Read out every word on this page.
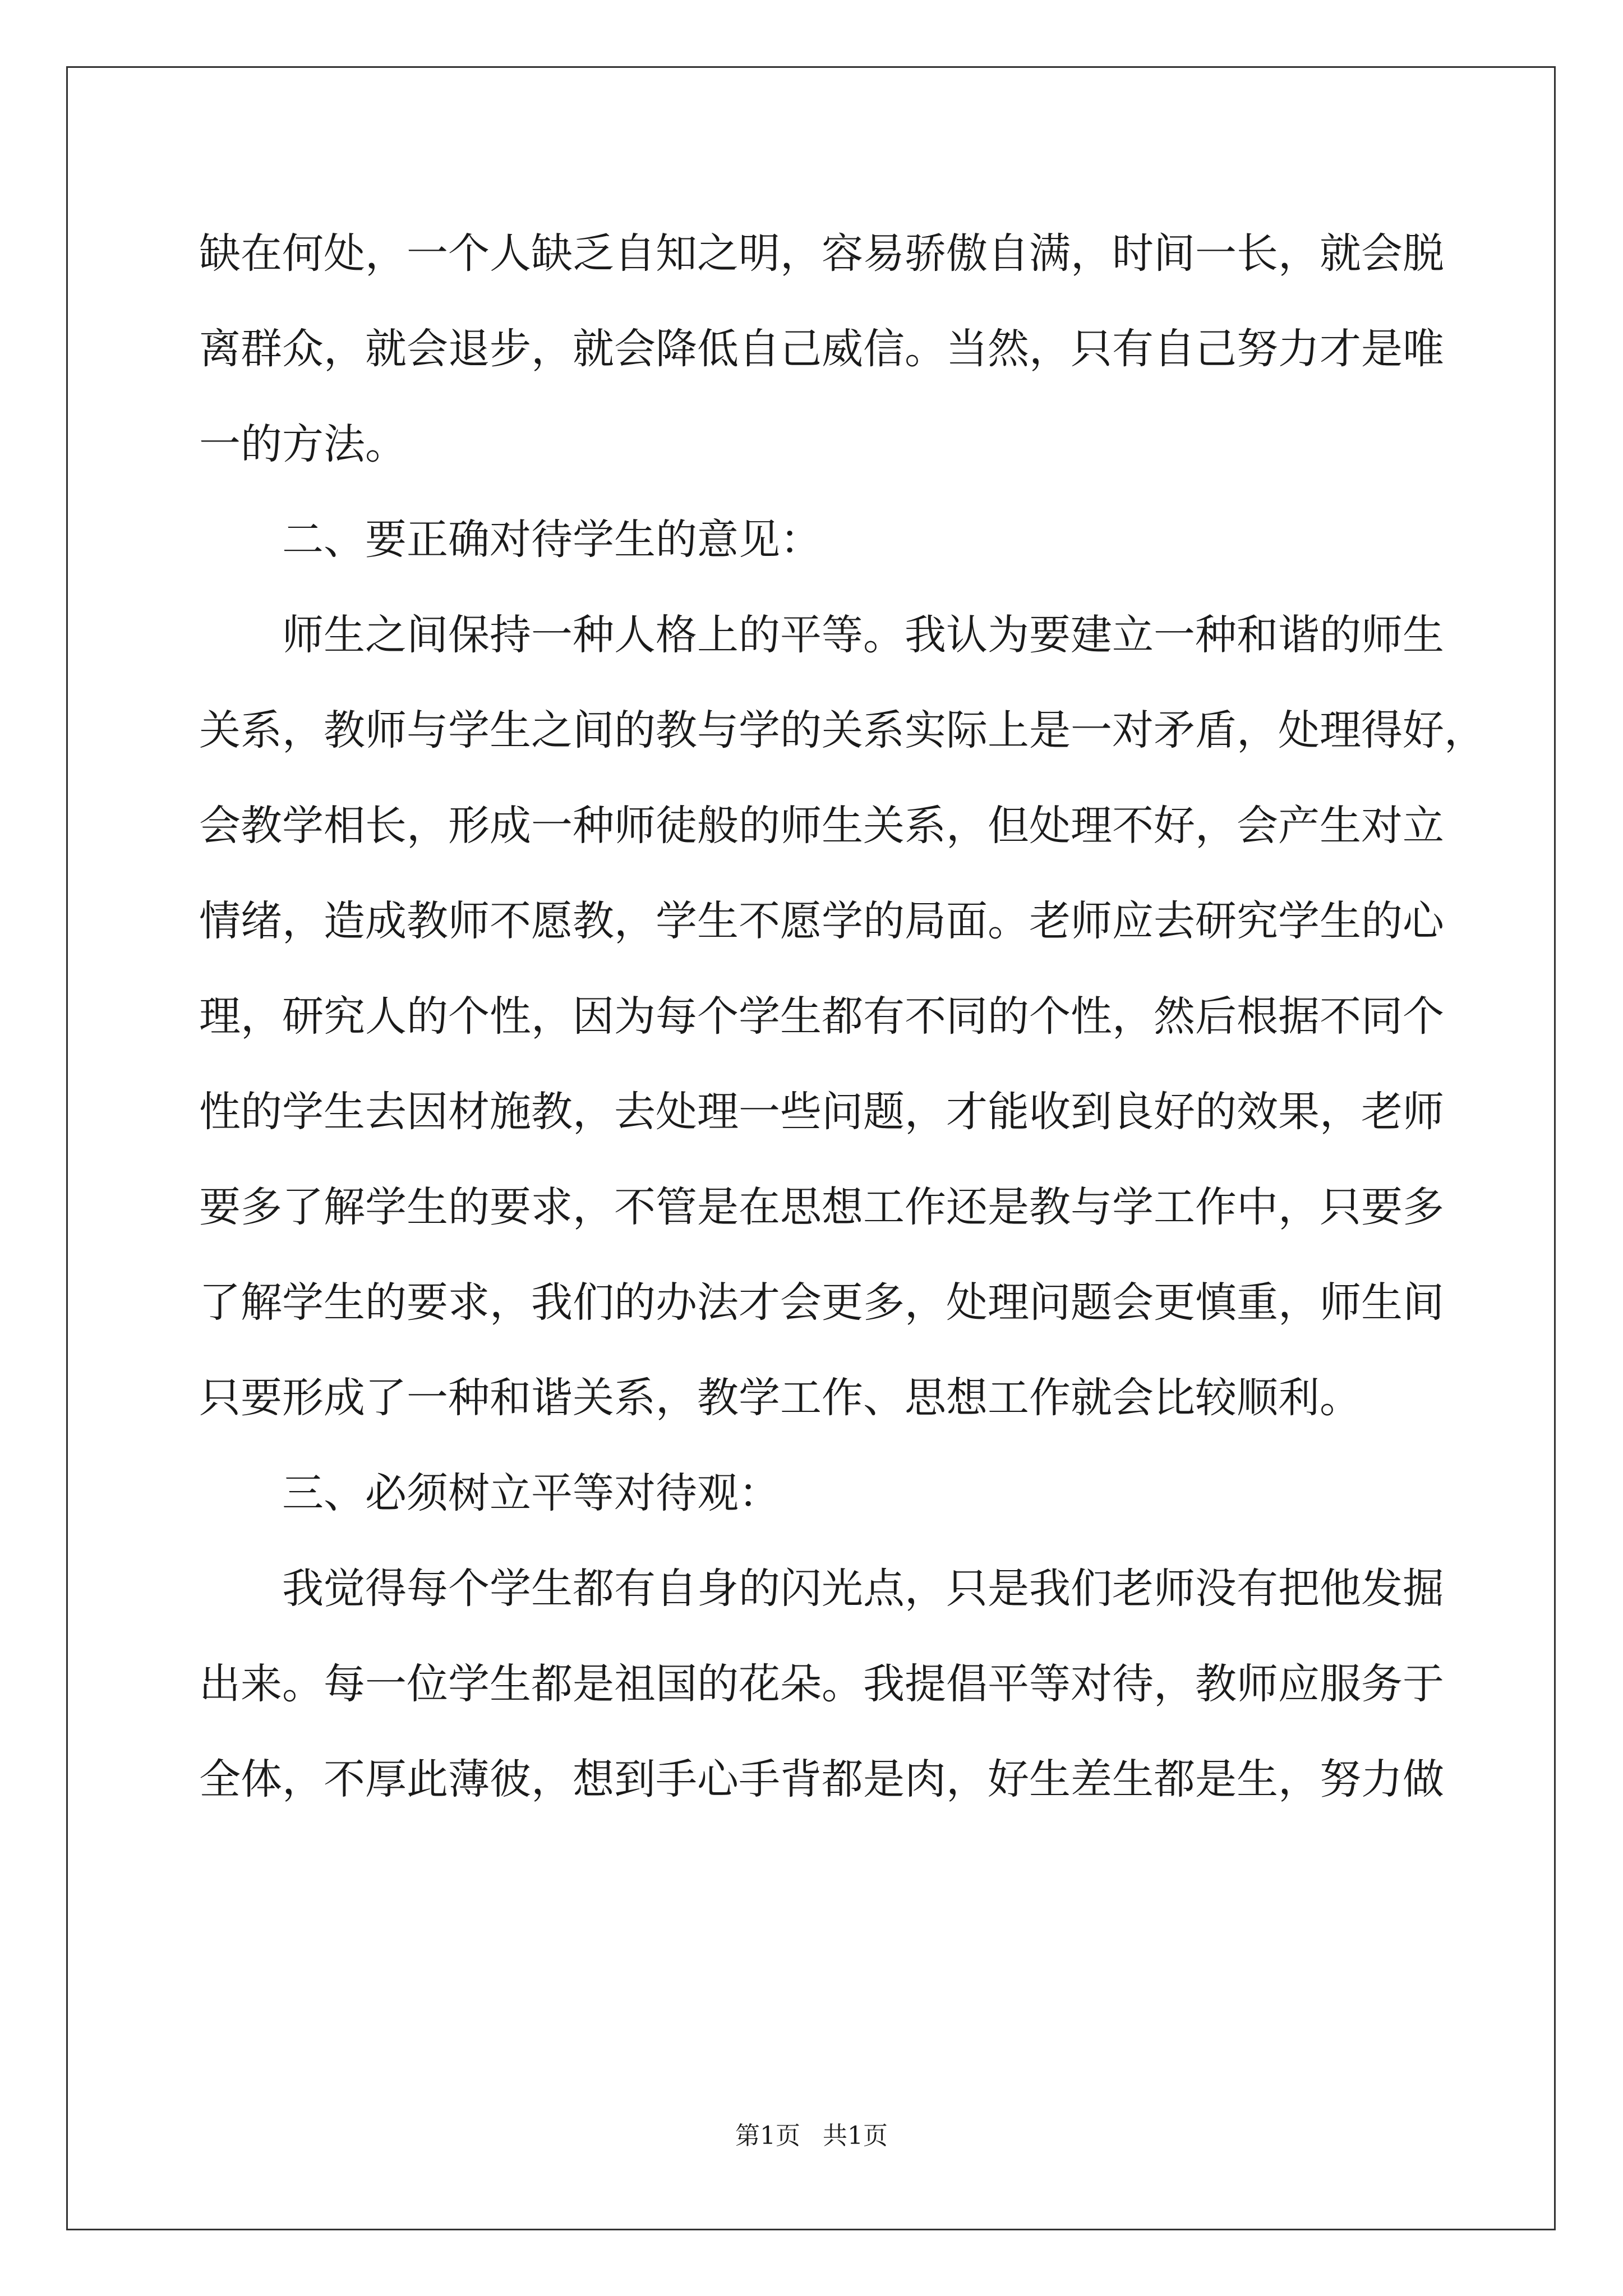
缺在何处，一个人缺乏自知之明，容易骄傲自满，时间一长，就会脱
离群众，就会退步，就会降低自己威信。当然，只有自己努力才是唯
一的方法。
二、要正确对待学生的意见：
师生之间保持一种人格上的平等。我认为要建立一种和谐的师生
关系，教师与学生之间的教与学的关系实际上是一对矛盾，处理得好，
会教学相长，形成一种师徒般的师生关系，但处理不好，会产生对立
情绪，造成教师不愿教，学生不愿学的局面。老师应去研究学生的心
理，研究人的个性，因为每个学生都有不同的个性，然后根据不同个
性的学生去因材施教，去处理一些问题，才能收到良好的效果，老师
要多了解学生的要求，不管是在思想工作还是教与学工作中，只要多
了解学生的要求，我们的办法才会更多，处理问题会更慎重，师生间
只要形成了一种和谐关系，教学工作、思想工作就会比较顺利。
三、必须树立平等对待观：
我觉得每个学生都有自身的闪光点，只是我们老师没有把他发掘
出来。每一位学生都是祖国的花朵。我提倡平等对待，教师应服务于
全体，不厚此薄彼，想到手心手背都是肉，好生差生都是生，努力做
第1页 共1页
